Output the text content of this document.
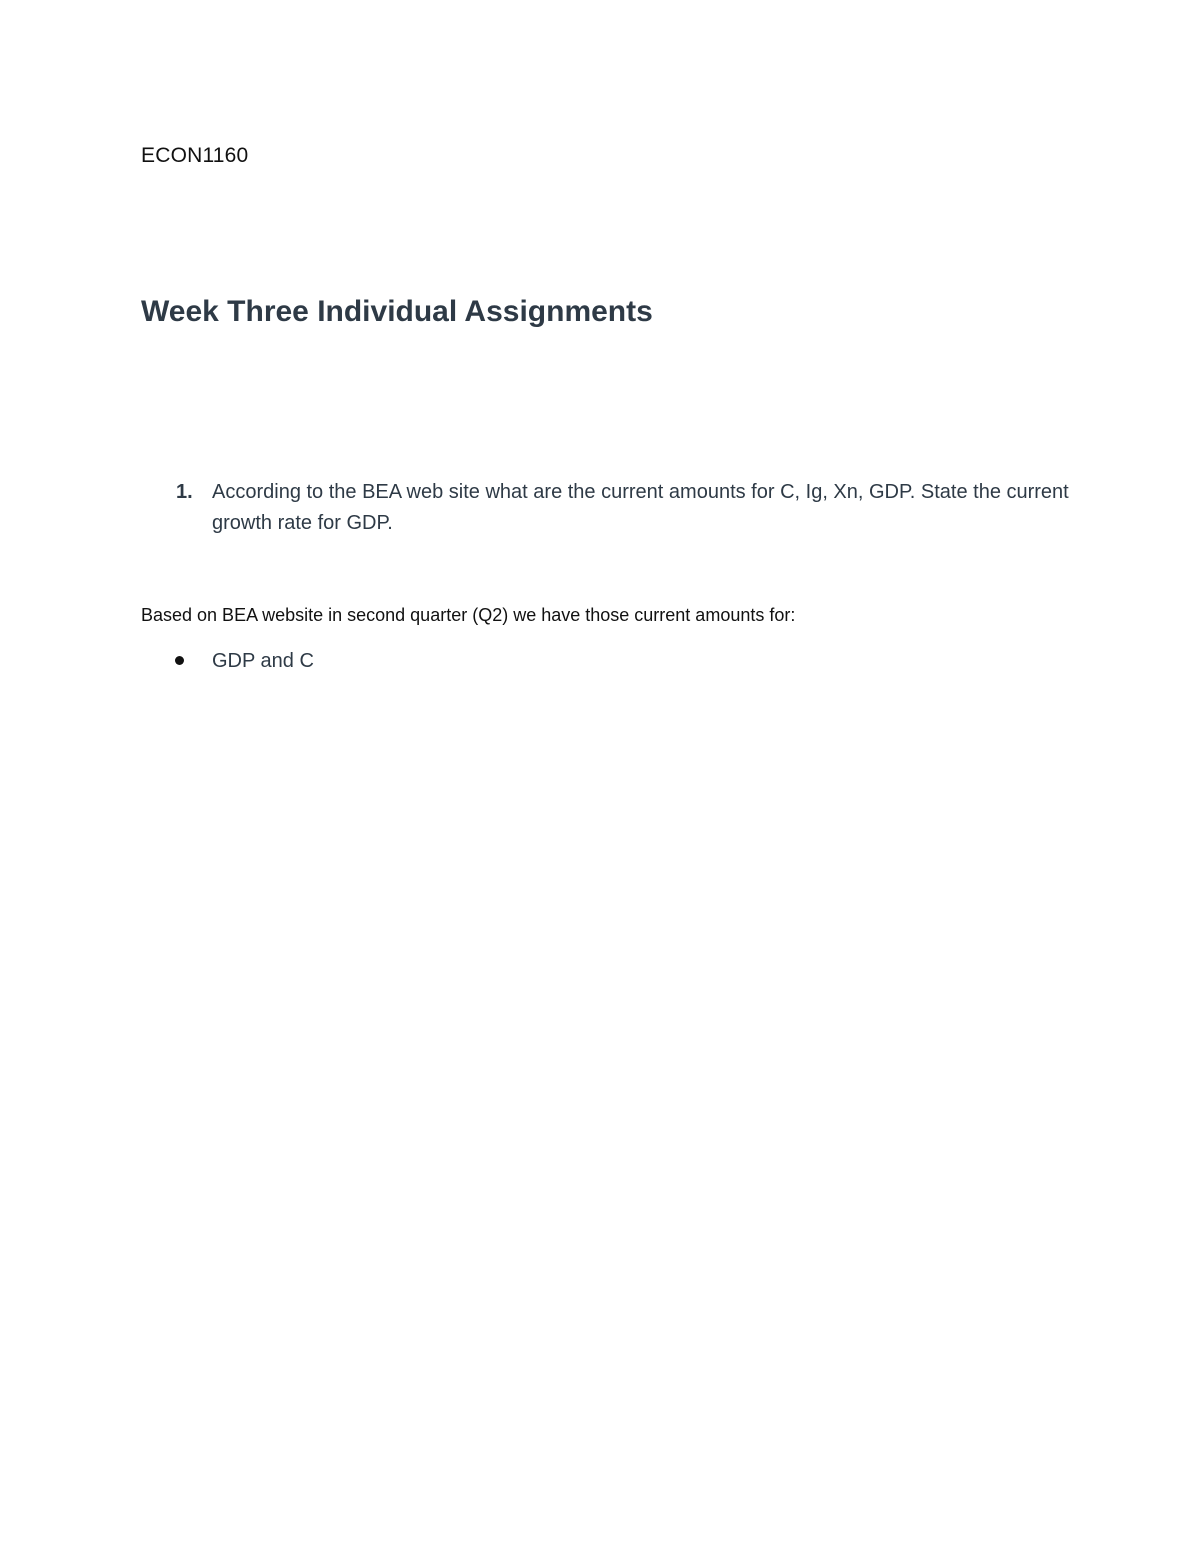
ECON1160
Week Three Individual Assignments
1. According to the BEA web site what are the current amounts for C, Ig, Xn, GDP. State the current growth rate for GDP.
Based on BEA website in second quarter (Q2) we have those current amounts for:
GDP and C
